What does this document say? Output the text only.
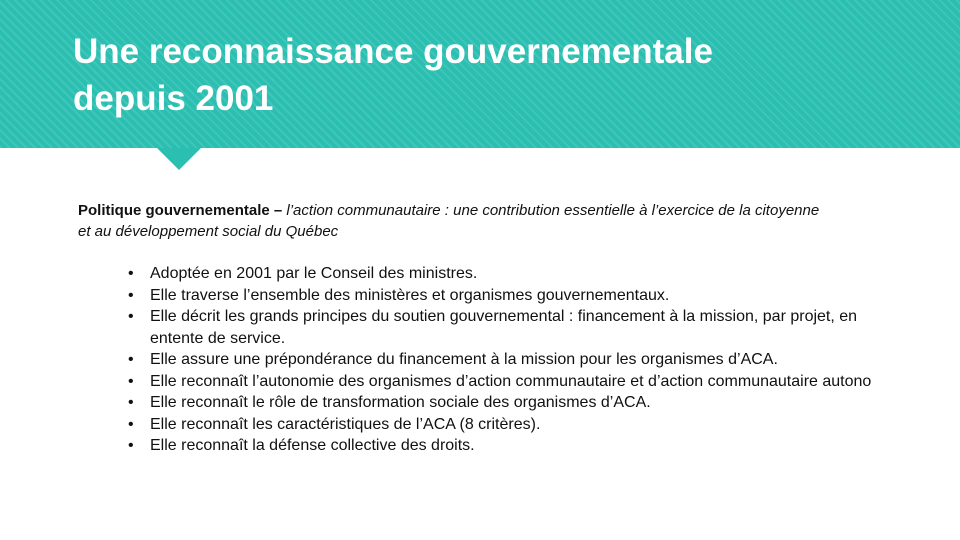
Une reconnaissance gouvernementale
depuis 2001
Politique gouvernementale – l’action communautaire : une contribution essentielle à l’exercice de la citoyenne
et au développement social du Québec
• Adoptée en 2001 par le Conseil des ministres.
• Elle traverse l’ensemble des ministères et organismes gouvernementaux.
• Elle décrit les grands principes du soutien gouvernemental : financement à la mission, par projet, en
entente de service.
• Elle assure une prépondérance du financement à la mission pour les organismes d’ACA.
• Elle reconnaît l’autonomie des organismes d’action communautaire et d’action communautaire autono
• Elle reconnaît le rôle de transformation sociale des organismes d’ACA.
• Elle reconnaît les caractéristiques de l’ACA (8 critères).
• Elle reconnaît la défense collective des droits.
